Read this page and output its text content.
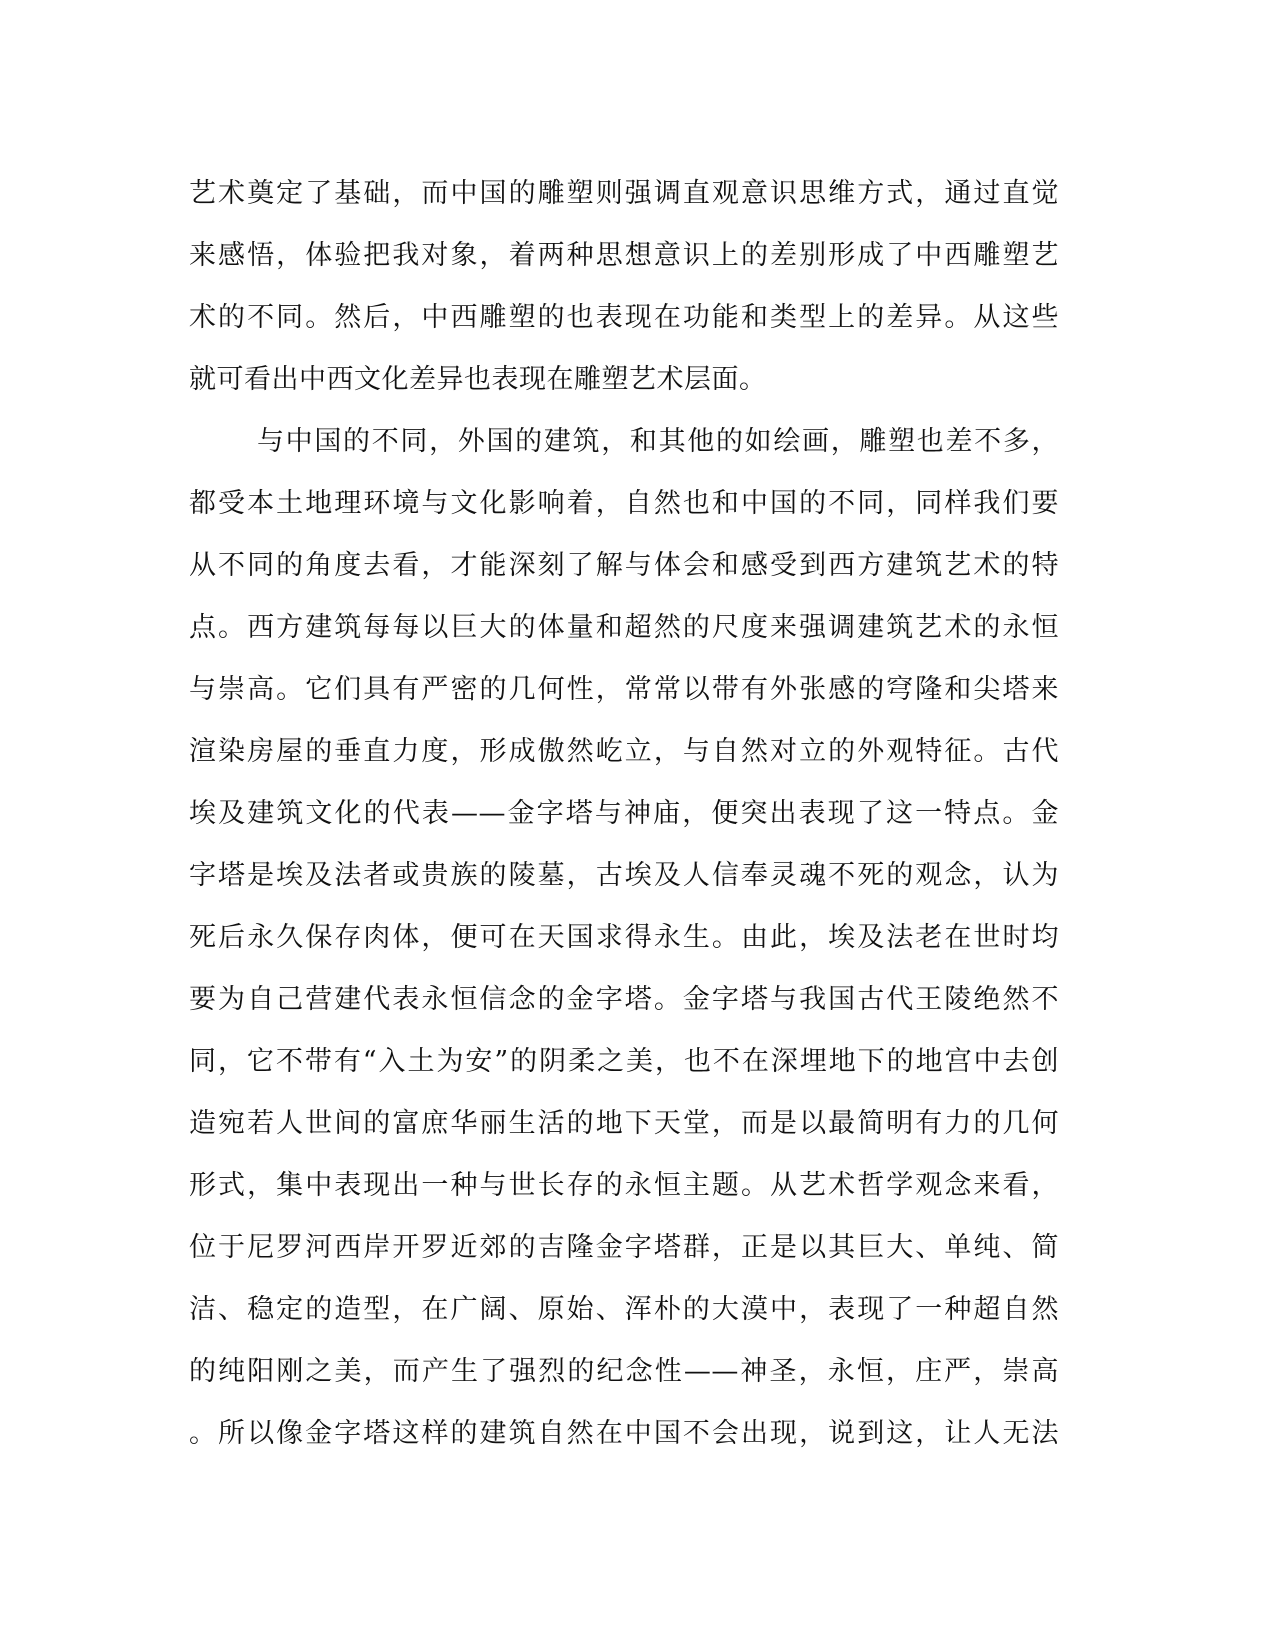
艺术奠定了基础，而中国的雕塑则强调直观意识思维方式，通过直觉
来感悟，体验把我对象，着两种思想意识上的差别形成了中西雕塑艺
术的不同。然后，中西雕塑的也表现在功能和类型上的差异。从这些
就可看出中西文化差异也表现在雕塑艺术层面。
与中国的不同，外国的建筑，和其他的如绘画，雕塑也差不多，
都受本土地理环境与文化影响着，自然也和中国的不同，同样我们要
从不同的角度去看，才能深刻了解与体会和感受到西方建筑艺术的特
点。西方建筑每每以巨大的体量和超然的尺度来强调建筑艺术的永恒
与崇高。它们具有严密的几何性，常常以带有外张感的穹隆和尖塔来
渲染房屋的垂直力度，形成傲然屹立，与自然对立的外观特征。古代
埃及建筑文化的代表——金字塔与神庙，便突出表现了这一特点。金
字塔是埃及法者或贵族的陵墓，古埃及人信奉灵魂不死的观念，认为
死后永久保存肉体，便可在天国求得永生。由此，埃及法老在世时均
要为自己营建代表永恒信念的金字塔。金字塔与我国古代王陵绝然不
同，它不带有“入土为安”的阴柔之美，也不在深埋地下的地宫中去创
造宛若人世间的富庶华丽生活的地下天堂，而是以最简明有力的几何
形式，集中表现出一种与世长存的永恒主题。从艺术哲学观念来看，
位于尼罗河西岸开罗近郊的吉隆金字塔群，正是以其巨大、单纯、简
洁、稳定的造型，在广阔、原始、浑朴的大漠中，表现了一种超自然
的纯阳刚之美，而产生了强烈的纪念性——神圣，永恒，庄严，崇高
。所以像金字塔这样的建筑自然在中国不会出现，说到这，让人无法
